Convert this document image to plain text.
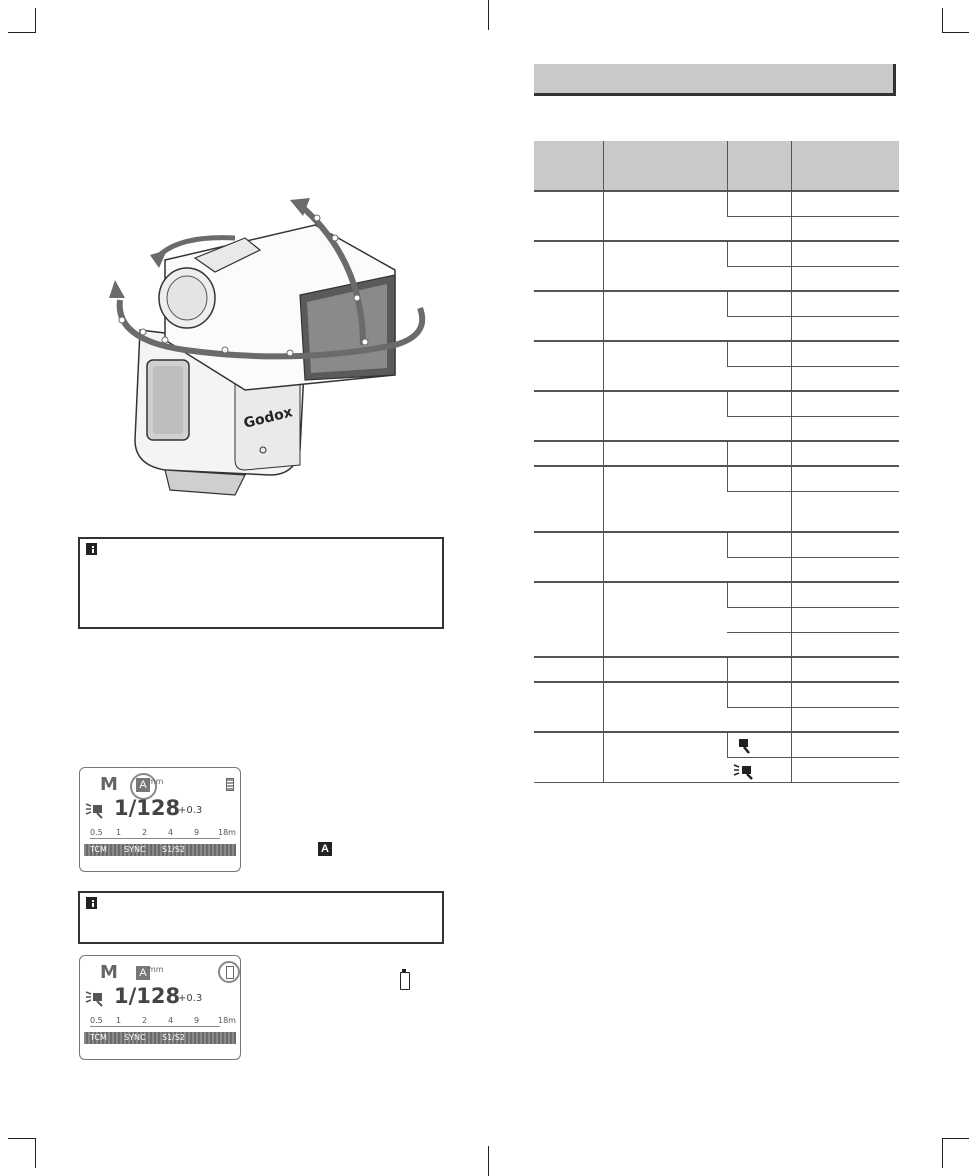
Godox
M	A mm
1/128
+0.3
0.5 1	2	4	9 18m
TCM SYNC S1/S2	A
M	A mm
1/128
+0.3
0.5 1	2	4	9 18m
TCM SYNC S1/S2
